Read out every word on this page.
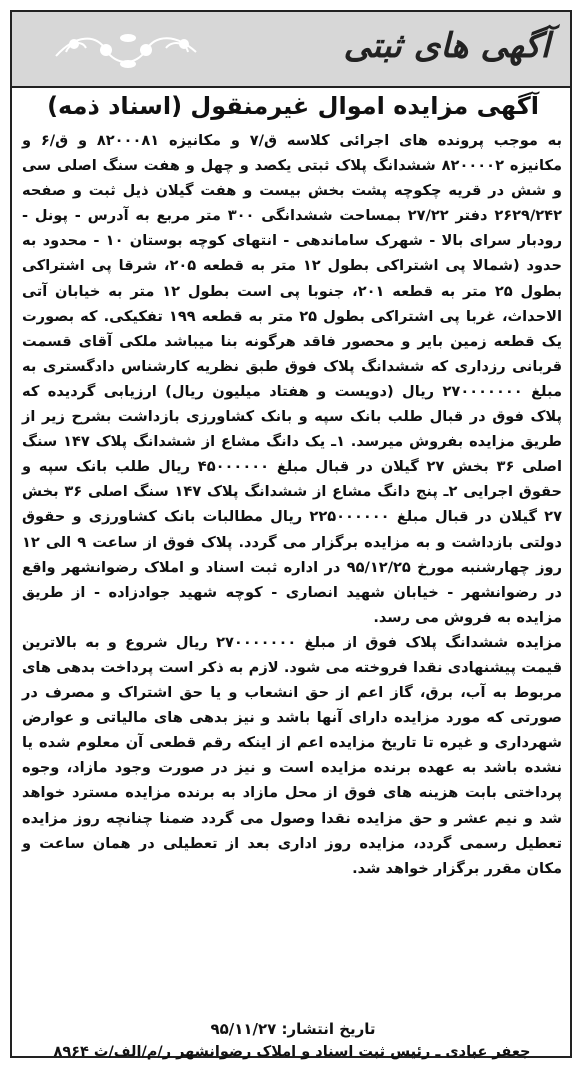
آگهی های ثبتی
آگهی مزایده اموال غیرمنقول (اسناد ذمه)

به موجب پرونده های اجرائی کلاسه ق/۷ و مکانیزه ۸۲۰۰۰۸۱ و ق/۶ و مکانیزه ۸۲۰۰۰۰۲ ششدانگ پلاک ثبتی یکصد و چهل و هفت سنگ اصلی سی و شش در قریه چکوچه پشت بخش بیست و هفت گیلان ذیل ثبت و صفحه ۲۶۲۹/۲۴۲ دفتر ۲۷/۲۲ بمساحت ششدانگی ۳۰۰ متر مربع به آدرس - پونل - رودبار سرای بالا - شهرک ساماندهی - انتهای کوچه بوستان ۱۰ - محدود به حدود (شمالا پی اشتراکی بطول ۱۲ متر به قطعه ۲۰۵، شرقا پی اشتراکی بطول ۲۵ متر به قطعه ۲۰۱، جنوبا پی است بطول ۱۲ متر به خیابان آتی الاحداث، غربا پی اشتراکی بطول ۲۵ متر به قطعه ۱۹۹ تفکیکی. که بصورت یک قطعه زمین بایر و محصور فاقد هرگونه بنا میباشد ملکی آقای قسمت قربانی رزداری که ششدانگ پلاک فوق طبق نظریه کارشناس دادگستری به مبلغ ۲۷۰۰۰۰۰۰۰ ریال (دویست و هفتاد میلیون ریال) ارزیابی گردیده که پلاک فوق در قبال طلب بانک سپه و بانک کشاورزی بازداشت بشرح زیر از طریق مزایده بفروش میرسد. ۱ـ یک دانگ مشاع از ششدانگ پلاک ۱۴۷ سنگ اصلی ۳۶ بخش ۲۷ گیلان در قبال مبلغ ۴۵۰۰۰۰۰۰ ریال طلب بانک سپه و حقوق اجرایی ۲ـ پنج دانگ مشاع از ششدانگ پلاک ۱۴۷ سنگ اصلی ۳۶ بخش ۲۷ گیلان در قبال مبلغ ۲۲۵۰۰۰۰۰۰ ریال مطالبات بانک کشاورزی و حقوق دولتی بازداشت و به مزایده برگزار می گردد. پلاک فوق از ساعت ۹ الی ۱۲ روز چهارشنبه مورخ ۹۵/۱۲/۲۵ در اداره ثبت اسناد و املاک رضوانشهر واقع در رضوانشهر - خیابان شهید انصاری - کوچه شهید جوادزاده - از طریق مزایده به فروش می رسد.

مزایده ششدانگ پلاک فوق از مبلغ ۲۷۰۰۰۰۰۰۰ ریال شروع و به بالاترین قیمت پیشنهادی نقدا فروخته می شود. لازم به ذکر است پرداخت بدهی های مربوط به آب، برق، گاز اعم از حق انشعاب و یا حق اشتراک و مصرف در صورتی که مورد مزایده دارای آنها باشد و نیز بدهی های مالیاتی و عوارض شهرداری و غیره تا تاریخ مزایده اعم از اینکه رقم قطعی آن معلوم شده یا نشده باشد به عهده برنده مزایده است و نیز در صورت وجود مازاد، وجوه پرداختی بابت هزینه های فوق از محل مازاد به برنده مزایده مسترد خواهد شد و نیم عشر و حق مزایده نقدا وصول می گردد ضمنا چنانچه روز مزایده تعطیل رسمی گردد، مزایده روز اداری بعد از تعطیلی در همان ساعت و مکان مقرر برگزار خواهد شد.

تاریخ انتشار: ۹۵/۱۱/۲۷
جعفر عبادی ـ رئیس ثبت اسناد و املاک رضوانشهر ر/م/الف/ث ۸۹۶۴
